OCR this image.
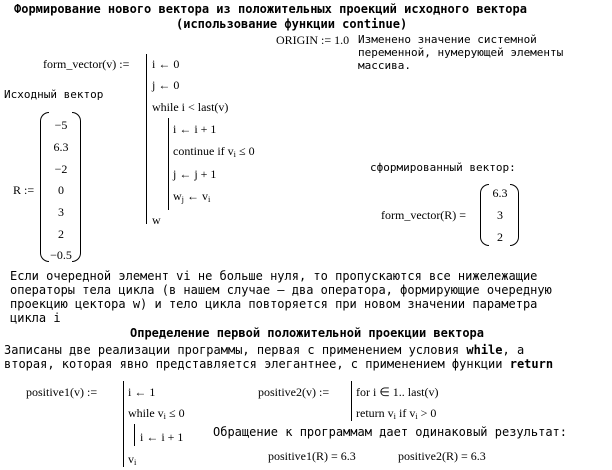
Формирование нового вектора из положительных проекций исходного вектора
(использование функции continue)
ORIGIN := 1.0 Изменено значение системной
переменной, нумерующей элементы
массива.
form_vector(v) := i ← 0
j ← 0
while i < last(v)
i ← i + 1
continue if $v_i \le 0$
j ← j + 1
$w_j$ ← $v_i$
w
Исходный вектор
R :=
−5
6.3
−2
0
3
2
−0.5
сформированный вектор:
form_vector(R) =
6.3
3
2
Если очередной элемент vi не больше нуля, то пропускаются все нижележащие
операторы тела цикла (в нашем случае – два оператора, формирующие очередную
проекцию цектора w) и тело цикла повторяется при новом значении параметра
цикла i
Определение первой положительной проекции вектора
Записаны две реализации программы, первая с применением условия while, а
вторая, которая явно представляется элегантнее, с применением функции return
positive1(v) :=	i ← 1
while $v_i \le 0$
i ← i + 1
$v_i$
positive2(v) := for i ∈ 1.. last(v)
return $v_i$ if $v_i > 0$
Обращение к программам дает одинаковый результат:
positive1(R) = 6.3	positive2(R) = 6.3
